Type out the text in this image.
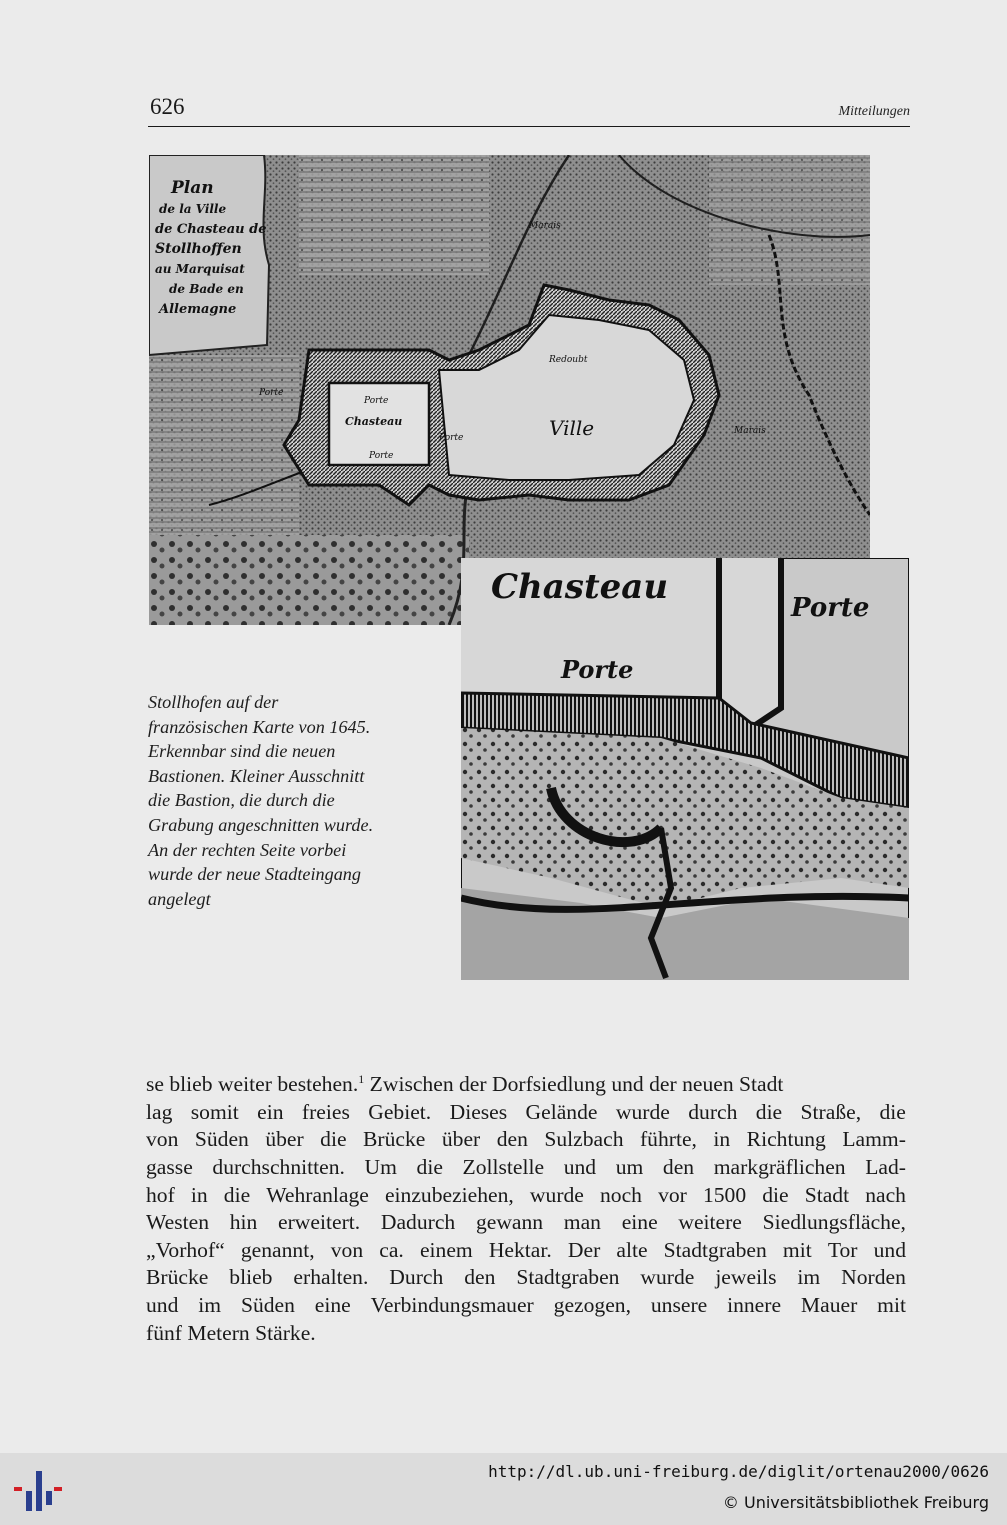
626	Mitteilungen
Plan
de la Ville
de Chasteau de
Stollhoffen
au Marquisat
de Bade en
Allemagne
Ville
Chasteau
Porte
Porte
Porte
Redoubt
Marais
Marais
Porte
Chasteau
Porte
Porte
Stollhofen auf der
französischen Karte von 1645.
Erkennbar sind die neuen
Bastionen. Kleiner Ausschnitt
die Bastion, die durch die
Grabung angeschnitten wurde.
An der rechten Seite vorbei
wurde der neue Stadteingang
angelegt
se blieb weiter bestehen.$^1$ Zwischen der Dorfsiedlung und der neuen Stadt
lag somit ein freies Gebiet. Dieses Gelände wurde durch die Straße, die
von Süden über die Brücke über den Sulzbach führte, in Richtung Lamm-
gasse durchschnitten. Um die Zollstelle und um den markgräflichen Lad-
hof in die Wehranlage einzubeziehen, wurde noch vor 1500 die Stadt nach
Westen hin erweitert. Dadurch gewann man eine weitere Siedlungsfläche,
„Vorhof“ genannt, von ca. einem Hektar. Der alte Stadtgraben mit Tor und
Brücke blieb erhalten. Durch den Stadtgraben wurde jeweils im Norden
und im Süden eine Verbindungsmauer gezogen, unsere innere Mauer mit
fünf Metern Stärke.
http://dl.ub.uni-freiburg.de/diglit/ortenau2000/0626
© Universitätsbibliothek Freiburg
